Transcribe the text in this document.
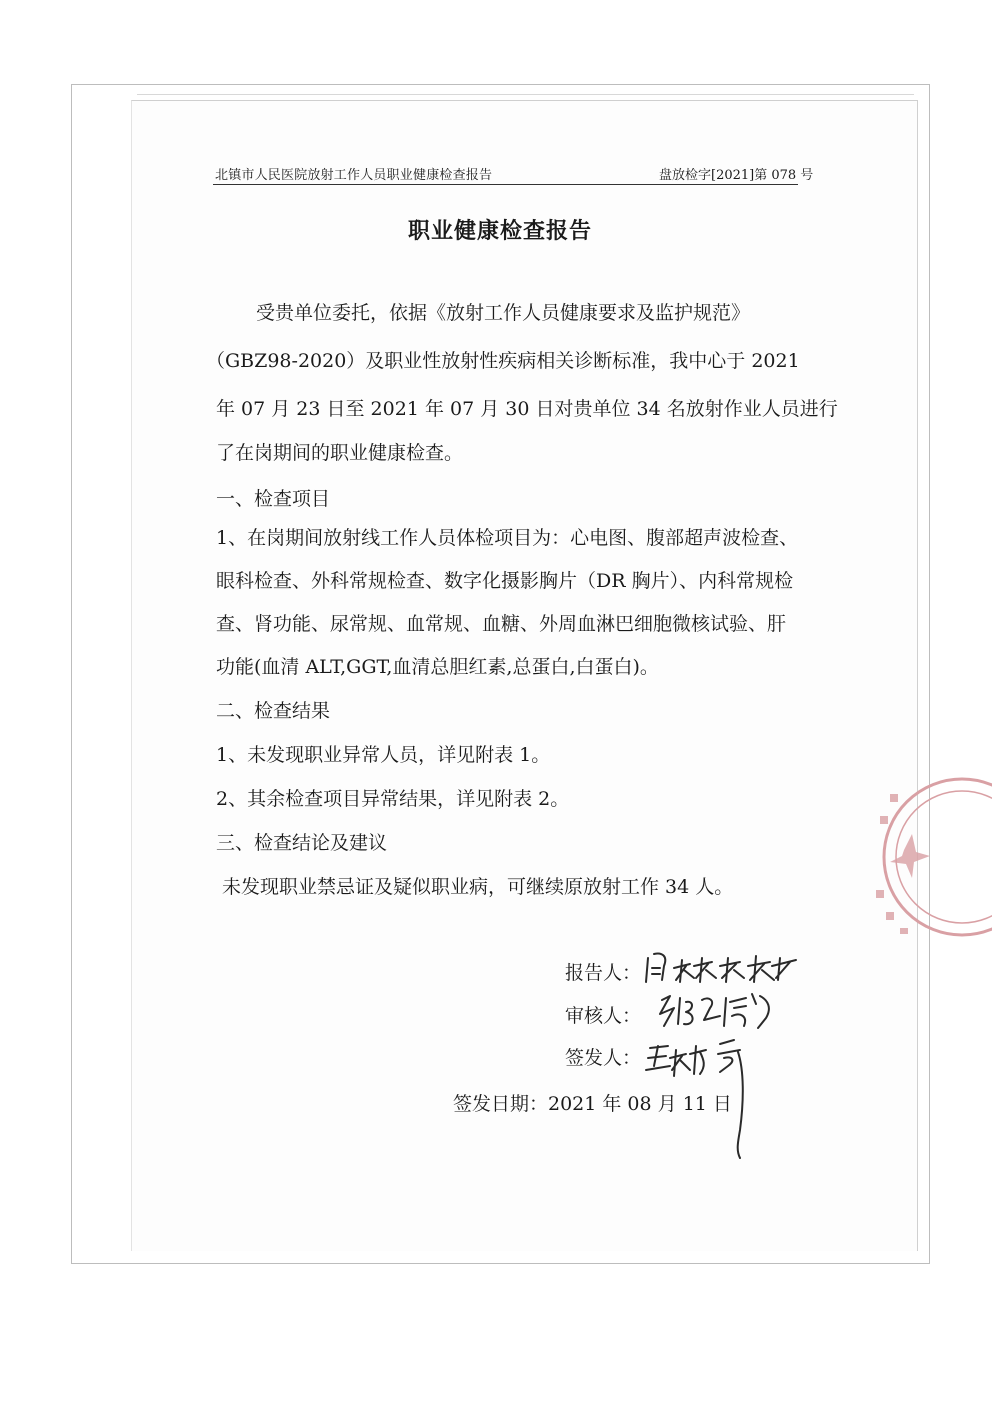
北镇市人民医院放射工作人员职业健康检查报告	盘放检字[2021]第 078 号
职业健康检查报告
受贵单位委托，依据《放射工作人员健康要求及监护规范》
（GBZ98-2020）及职业性放射性疾病相关诊断标准，我中心于 2021
年 07 月 23 日至 2021 年 07 月 30 日对贵单位 34 名放射作业人员进行
了在岗期间的职业健康检查。
一、检查项目
1、在岗期间放射线工作人员体检项目为：心电图、腹部超声波检查、
眼科检查、外科常规检查、数字化摄影胸片（DR 胸片）、内科常规检
查、肾功能、尿常规、血常规、血糖、外周血淋巴细胞微核试验、肝
功能(血清 ALT,GGT,血清总胆红素,总蛋白,白蛋白)。
二、检查结果
1、未发现职业异常人员，详见附表 1。
2、其余检查项目异常结果，详见附表 2。
三、检查结论及建议
未发现职业禁忌证及疑似职业病，可继续原放射工作 34 人。
报告人：
审核人：
签发人：
签发日期：2021 年 08 月 11 日
